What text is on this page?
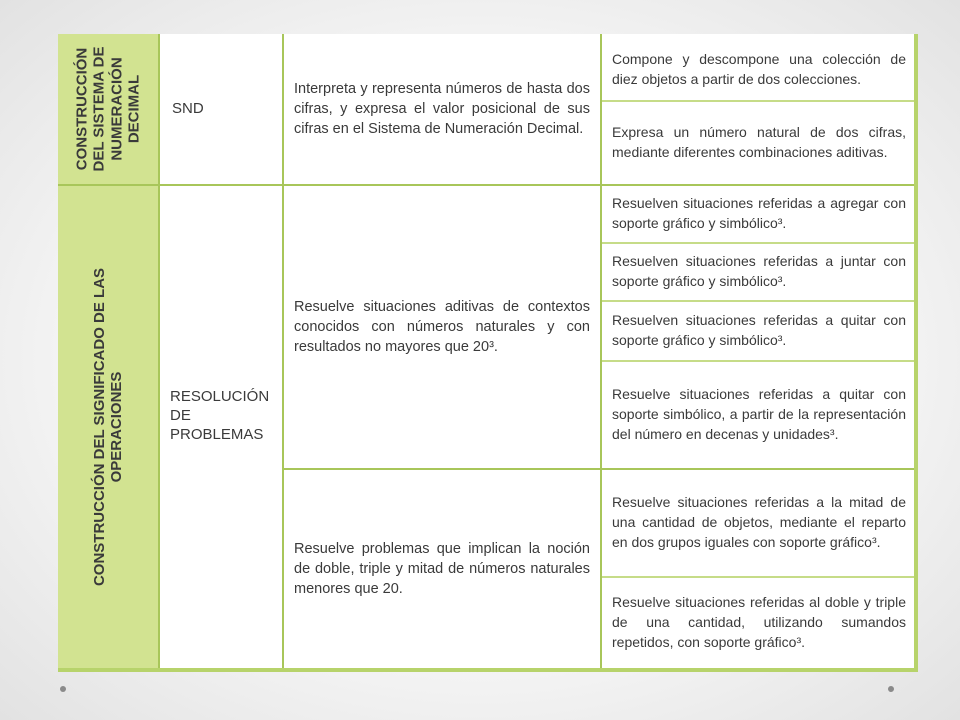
CONSTRUCCIÓN DEL SISTEMA DE NUMERACIÓN DECIMAL SND
Interpreta y representa números de hasta dos cifras, y expresa el valor posicional de sus cifras en el Sistema de Numeración Decimal.
Compone y descompone una colección de diez objetos a partir de dos colecciones.
Expresa un número natural de dos cifras, mediante diferentes combinaciones aditivas.
CONSTRUCCIÓN DEL SIGNIFICADO DE LAS OPERACIONES	RESOLUCIÓN
DE
PROBLEMAS
Resuelve situaciones aditivas de contextos conocidos con números naturales y con resultados no mayores que 20³.
Resuelve problemas que implican la noción de doble, triple y mitad de números naturales menores que 20.
Resuelven situaciones referidas a agregar con soporte gráfico y simbólico³.
Resuelven situaciones referidas a juntar con soporte gráfico y simbólico³.
Resuelven situaciones referidas a quitar con soporte gráfico y simbólico³.
Resuelve situaciones referidas a quitar con soporte simbólico, a partir de la representación del número en decenas y unidades³.
Resuelve situaciones referidas a la mitad de una cantidad de objetos, mediante el reparto en dos grupos iguales con soporte gráfico³.
Resuelve situaciones referidas al doble y triple de una cantidad, utilizando sumandos repetidos, con soporte gráfico³.
